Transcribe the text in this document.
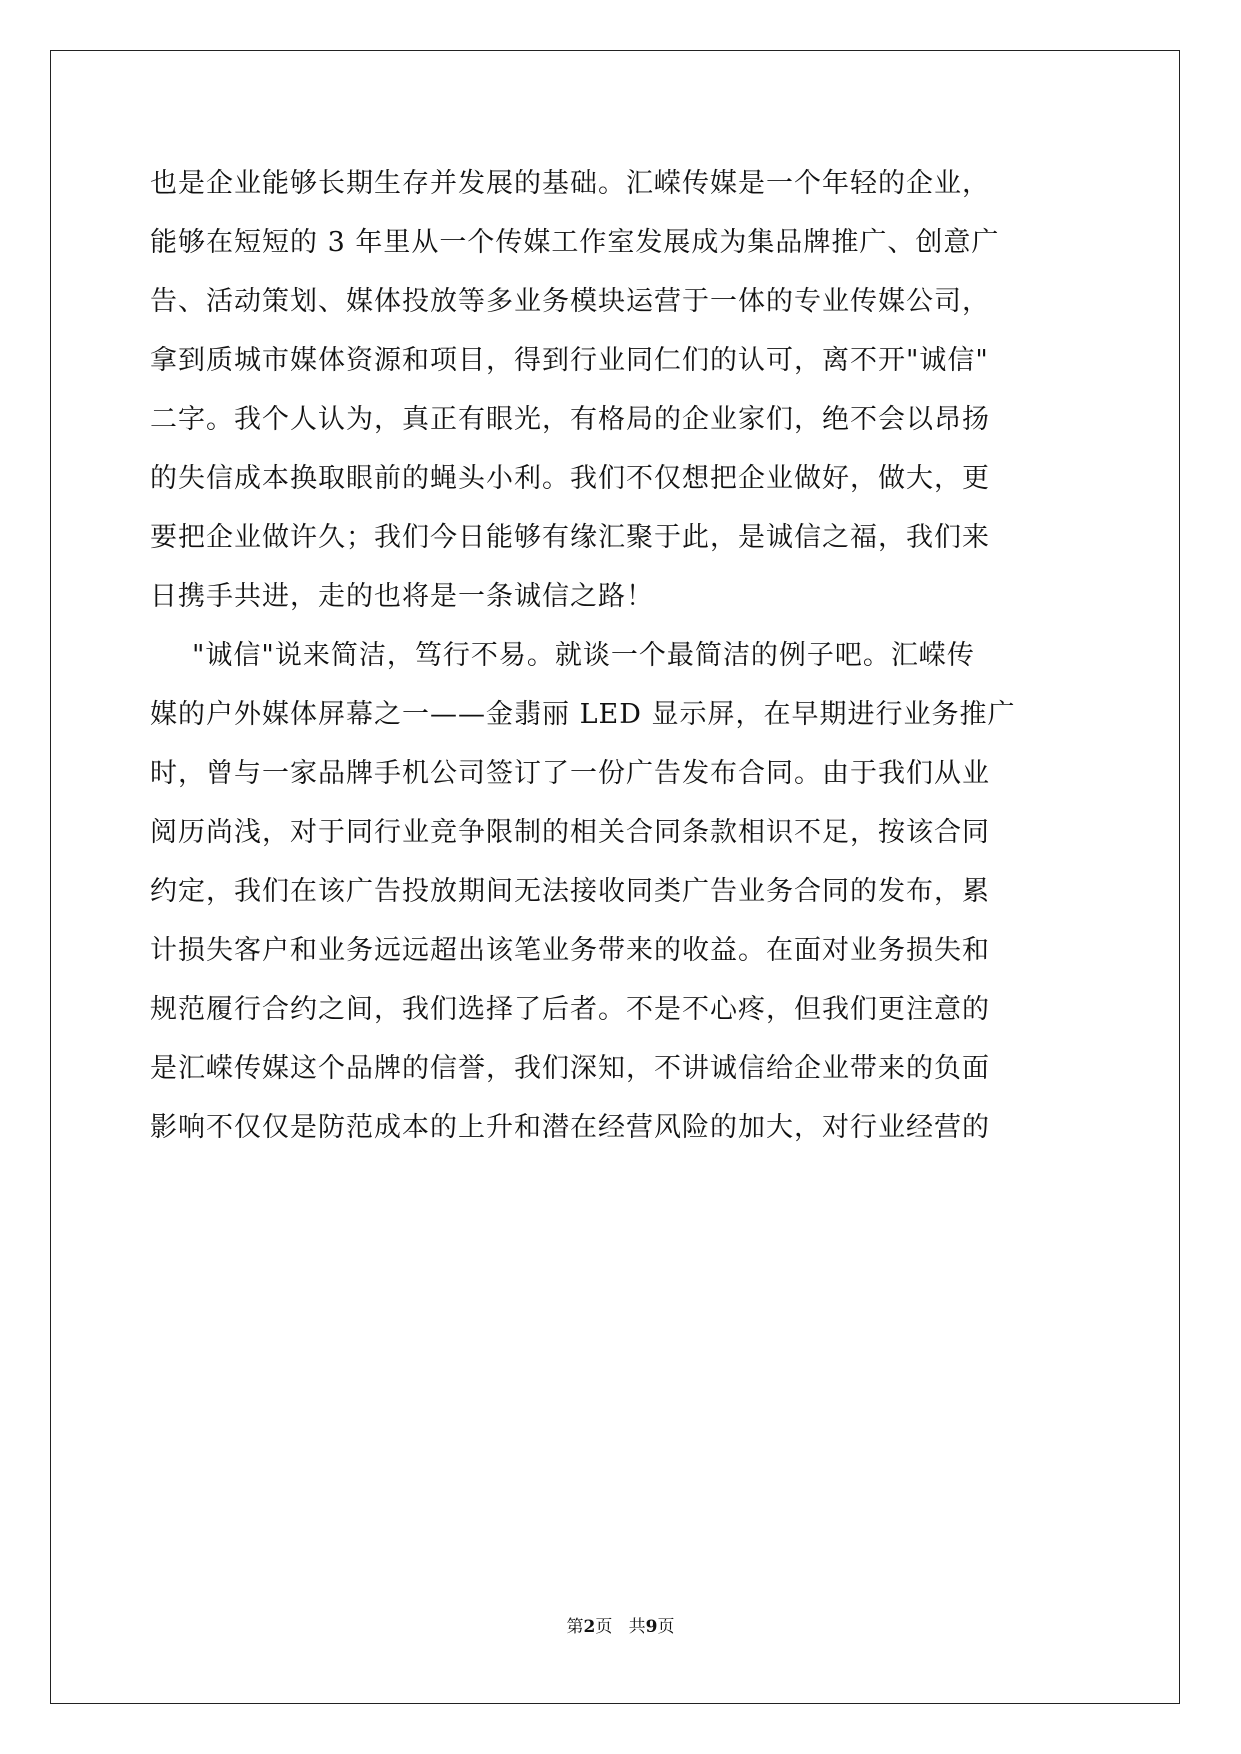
也是企业能够长期生存并发展的基础。汇嵘传媒是一个年轻的企业，
能够在短短的 3 年里从一个传媒工作室发展成为集品牌推广、创意广
告、活动策划、媒体投放等多业务模块运营于一体的专业传媒公司，
拿到质城市媒体资源和项目，得到行业同仁们的认可，离不开"诚信"
二字。我个人认为，真正有眼光，有格局的企业家们，绝不会以昂扬
的失信成本换取眼前的蝇头小利。我们不仅想把企业做好，做大，更
要把企业做许久；我们今日能够有缘汇聚于此，是诚信之福，我们来
日携手共进，走的也将是一条诚信之路！
"诚信"说来简洁，笃行不易。就谈一个最简洁的例子吧。汇嵘传
媒的户外媒体屏幕之一——金翡丽 LED 显示屏，在早期进行业务推广
时，曾与一家品牌手机公司签订了一份广告发布合同。由于我们从业
阅历尚浅，对于同行业竞争限制的相关合同条款相识不足，按该合同
约定，我们在该广告投放期间无法接收同类广告业务合同的发布，累
计损失客户和业务远远超出该笔业务带来的收益。在面对业务损失和
规范履行合约之间，我们选择了后者。不是不心疼，但我们更注意的
是汇嵘传媒这个品牌的信誉，我们深知，不讲诚信给企业带来的负面
影响不仅仅是防范成本的上升和潜在经营风险的加大，对行业经营的
第2页 共9页
